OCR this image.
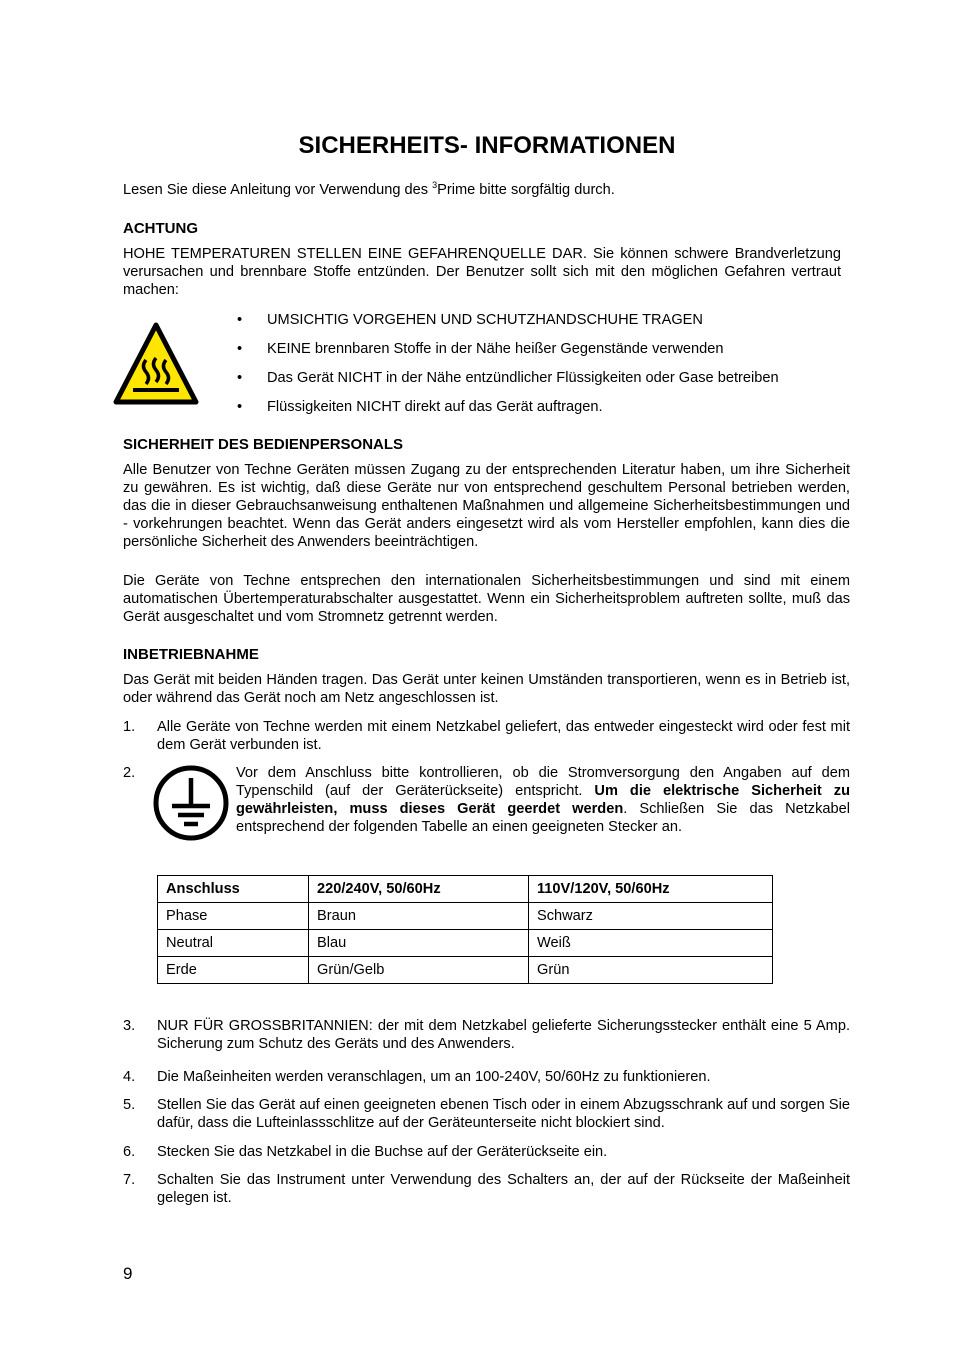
SICHERHEITS- INFORMATIONEN
Lesen Sie diese Anleitung vor Verwendung des $^3$Prime bitte sorgfältig durch.
ACHTUNG
HOHE TEMPERATUREN STELLEN EINE GEFAHRENQUELLE DAR. Sie können schwere Brandverletzung verursachen und brennbare Stoffe entzünden. Der Benutzer sollt sich mit den möglichen Gefahren vertraut machen:
• UMSICHTIG VORGEHEN UND SCHUTZHANDSCHUHE TRAGEN
• KEINE brennbaren Stoffe in der Nähe heißer Gegenstände verwenden
• Das Gerät NICHT in der Nähe entzündlicher Flüssigkeiten oder Gase betreiben
• Flüssigkeiten NICHT direkt auf das Gerät auftragen.
SICHERHEIT DES BEDIENPERSONALS
Alle Benutzer von Techne Geräten müssen Zugang zu der entsprechenden Literatur haben, um ihre Sicherheit zu gewähren. Es ist wichtig, daß diese Geräte nur von entsprechend geschultem Personal betrieben werden, das die in dieser Gebrauchsanweisung enthaltenen Maßnahmen und allgemeine Sicherheitsbestimmungen und - vorkehrungen beachtet. Wenn das Gerät anders eingesetzt wird als vom Hersteller empfohlen, kann dies die persönliche Sicherheit des Anwenders beeinträchtigen.
Die Geräte von Techne entsprechen den internationalen Sicherheitsbestimmungen und sind mit einem automatischen Übertemperaturabschalter ausgestattet. Wenn ein Sicherheitsproblem auftreten sollte, muß das Gerät ausgeschaltet und vom Stromnetz getrennt werden.
INBETRIEBNAHME
Das Gerät mit beiden Händen tragen. Das Gerät unter keinen Umständen transportieren, wenn es in Betrieb ist, oder während das Gerät noch am Netz angeschlossen ist.
1. Alle Geräte von Techne werden mit einem Netzkabel geliefert, das entweder eingesteckt wird oder fest mit dem Gerät verbunden ist.
2.	Vor dem Anschluss bitte kontrollieren, ob die Stromversorgung den Angaben auf dem Typenschild (auf der Geräterückseite) entspricht. Um die elektrische Sicherheit zu gewährleisten, muss dieses Gerät geerdet werden. Schließen Sie das Netzkabel entsprechend der folgenden Tabelle an einen geeigneten Stecker an.
Anschluss	220/240V, 50/60Hz	110V/120V, 50/60Hz
Phase	Braun	Schwarz
Neutral	Blau	Weiß
Erde	Grün/Gelb	Grün
3. NUR FÜR GROSSBRITANNIEN: der mit dem Netzkabel gelieferte Sicherungsstecker enthält eine 5 Amp. Sicherung zum Schutz des Geräts und des Anwenders.
4. Die Maßeinheiten werden veranschlagen, um an 100-240V, 50/60Hz zu funktionieren.
5. Stellen Sie das Gerät auf einen geeigneten ebenen Tisch oder in einem Abzugsschrank auf und sorgen Sie dafür, dass die Lufteinlassschlitze auf der Geräteunterseite nicht blockiert sind.
6. Stecken Sie das Netzkabel in die Buchse auf der Geräterückseite ein.
7. Schalten Sie das Instrument unter Verwendung des Schalters an, der auf der Rückseite der Maßeinheit gelegen ist.
9
